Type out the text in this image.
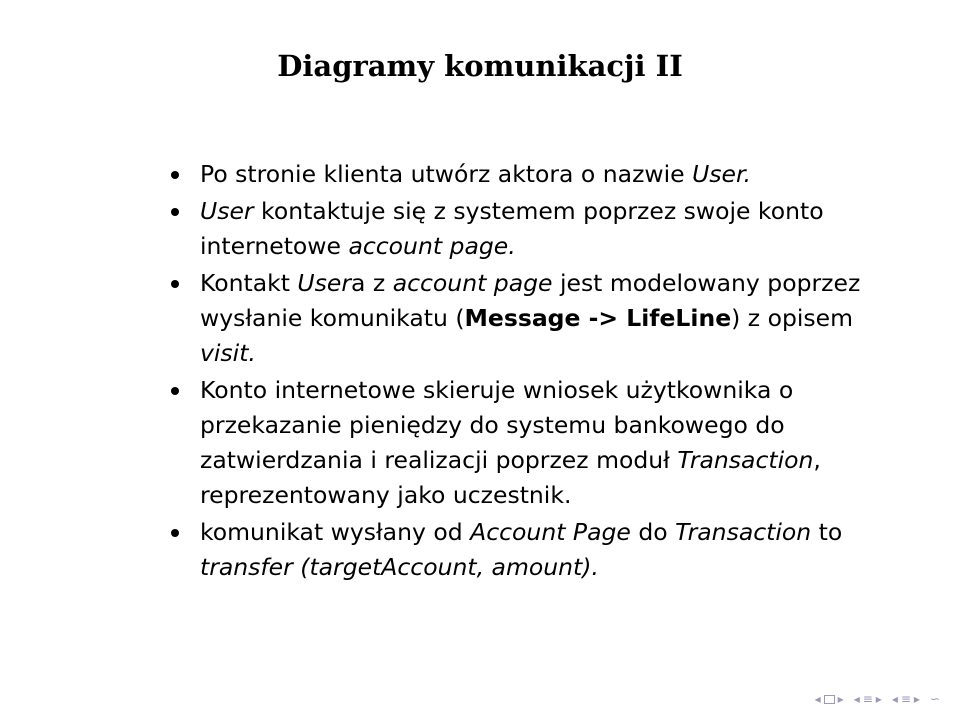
Diagramy komunikacji II
Po stronie klienta utwórz aktora o nazwie User.
User kontaktuje się z systemem poprzez swoje konto internetowe account page.
Kontakt Usera z account page jest modelowany poprzez wysłanie komunikatu (Message -> LifeLine) z opisem visit.
Konto internetowe skieruje wniosek użytkownika o przekazanie pieniędzy do systemu bankowego do zatwierdzania i realizacji poprzez moduł Transaction, reprezentowany jako uczestnik.
komunikat wysłany od Account Page do Transaction to transfer (targetAccount, amount).
◂ ▸ ◂ ≡ ▸ ◂ ≡ ▸ ∽
